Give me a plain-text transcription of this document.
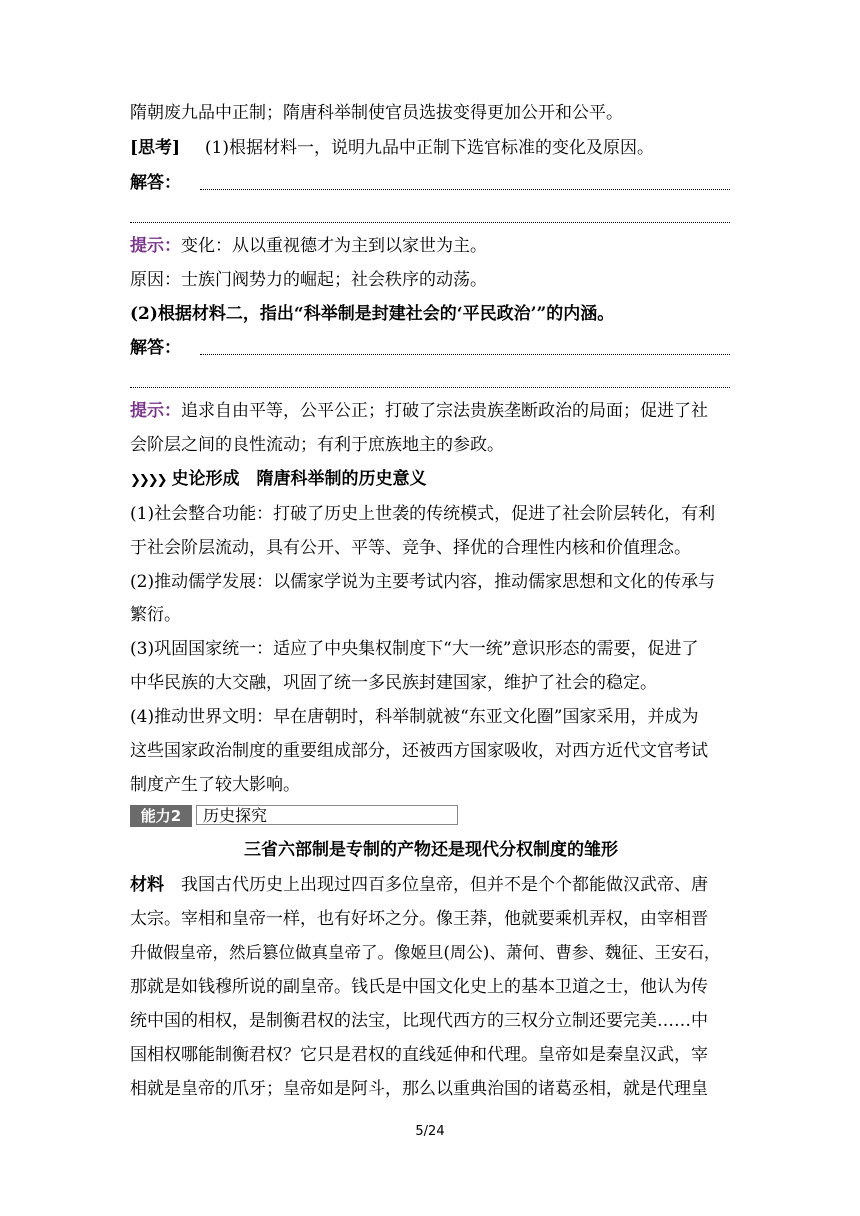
隋朝废九品中正制；隋唐科举制使官员选拔变得更加公开和公平。
[思考] (1)根据材料一，说明九品中正制下选官标准的变化及原因。
解答：
提示：变化：从以重视德才为主到以家世为主。
原因：士族门阀势力的崛起；社会秩序的动荡。
(2)根据材料二，指出“科举制是封建社会的‘平民政治’”的内涵。
解答：
提示：追求自由平等，公平公正；打破了宗法贵族垄断政治的局面；促进了社
会阶层之间的良性流动；有利于庶族地主的参政。
❯❯❯❯ 史论形成　隋唐科举制的历史意义
(1)社会整合功能：打破了历史上世袭的传统模式，促进了社会阶层转化，有利
于社会阶层流动，具有公开、平等、竞争、择优的合理性内核和价值理念。
(2)推动儒学发展：以儒家学说为主要考试内容，推动儒家思想和文化的传承与
繁衍。
(3)巩固国家统一：适应了中央集权制度下“大一统”意识形态的需要，促进了
中华民族的大交融，巩固了统一多民族封建国家，维护了社会的稳定。
(4)推动世界文明：早在唐朝时，科举制就被“东亚文化圈”国家采用，并成为
这些国家政治制度的重要组成部分，还被西方国家吸收，对西方近代文官考试
制度产生了较大影响。
能力2	历史探究
三省六部制是专制的产物还是现代分权制度的雏形
材料 我国古代历史上出现过四百多位皇帝，但并不是个个都能做汉武帝、唐
太宗。宰相和皇帝一样，也有好坏之分。像王莽，他就要乘机弄权，由宰相晋
升做假皇帝，然后篡位做真皇帝了。像姬旦(周公)、萧何、曹参、魏征、王安石，
那就是如钱穆所说的副皇帝。钱氏是中国文化史上的基本卫道之士，他认为传
统中国的相权，是制衡君权的法宝，比现代西方的三权分立制还要完美……中
国相权哪能制衡君权？它只是君权的直线延伸和代理。皇帝如是秦皇汉武，宰
相就是皇帝的爪牙；皇帝如是阿斗，那么以重典治国的诸葛丞相，就是代理皇
5/24
